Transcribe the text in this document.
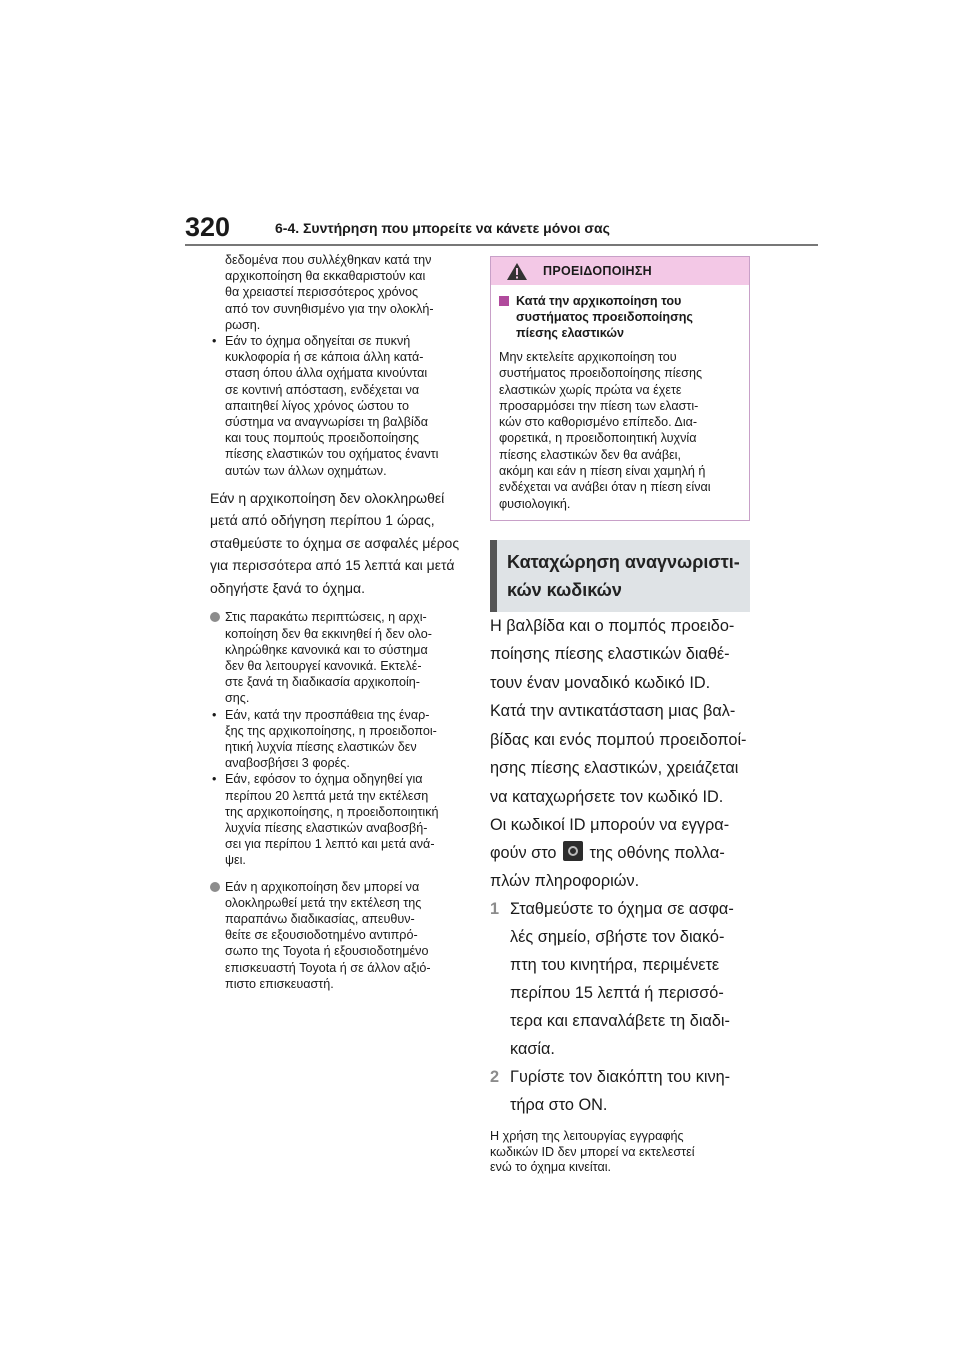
320	6-4. Συντήρηση που μπορείτε να κάνετε μόνοι σας
δεδομένα που συλλέχθηκαν κατά την
αρχικοποίηση θα εκκαθαριστούν και
θα χρειαστεί περισσότερος χρόνος
από τον συνηθισμένο για την ολοκλή-
ρωση.
• Εάν το όχημα οδηγείται σε πυκνή
κυκλοφορία ή σε κάποια άλλη κατά-
σταση όπου άλλα οχήματα κινούνται
σε κοντινή απόσταση, ενδέχεται να
απαιτηθεί λίγος χρόνος ώστου το
σύστημα να αναγνωρίσει τη βαλβίδα
και τους πομπούς προειδοποίησης
πίεσης ελαστικών του οχήματος έναντι
αυτών των άλλων οχημάτων.
Εάν η αρχικοποίηση δεν ολοκληρωθεί
μετά από οδήγηση περίπου 1 ώρας,
σταθμεύστε το όχημα σε ασφαλές μέρος
για περισσότερα από 15 λεπτά και μετά
οδηγήστε ξανά το όχημα.
Στις παρακάτω περιπτώσεις, η αρχι-
κοποίηση δεν θα εκκινηθεί ή δεν ολο-
κληρώθηκε κανονικά και το σύστημα
δεν θα λειτουργεί κανονικά. Εκτελέ-
στε ξανά τη διαδικασία αρχικοποίη-
σης.
• Εάν, κατά την προσπάθεια της έναρ-
ξης της αρχικοποίησης, η προειδοποι-
ητική λυχνία πίεσης ελαστικών δεν
αναβοσβήσει 3 φορές.
• Εάν, εφόσον το όχημα οδηγηθεί για
περίπου 20 λεπτά μετά την εκτέλεση
της αρχικοποίησης, η προειδοποιητική
λυχνία πίεσης ελαστικών αναβοσβή-
σει για περίπου 1 λεπτό και μετά ανά-
ψει.
Εάν η αρχικοποίηση δεν μπορεί να
ολοκληρωθεί μετά την εκτέλεση της
παραπάνω διαδικασίας, απευθυν-
θείτε σε εξουσιοδοτημένο αντιπρό-
σωπο της Toyota ή εξουσιοδοτημένο
επισκευαστή Toyota ή σε άλλον αξιό-
πιστο επισκευαστή.
ΠΡΟΕΙΔΟΠΟΙΗΣΗ
Κατά την αρχικοποίηση του
συστήματος προειδοποίησης
πίεσης ελαστικών
Μην εκτελείτε αρχικοποίηση του
συστήματος προειδοποίησης πίεσης
ελαστικών χωρίς πρώτα να έχετε
προσαρμόσει την πίεση των ελαστι-
κών στο καθορισμένο επίπεδο. Δια-
φορετικά, η προειδοποιητική λυχνία
πίεσης ελαστικών δεν θα ανάβει,
ακόμη και εάν η πίεση είναι χαμηλή ή
ενδέχεται να ανάβει όταν η πίεση είναι
φυσιολογική.
Καταχώρηση αναγνωριστι-
κών κωδικών
Η βαλβίδα και ο πομπός προειδο-
ποίησης πίεσης ελαστικών διαθέ-
τουν έναν μοναδικό κωδικό ID.
Κατά την αντικατάσταση μιας βαλ-
βίδας και ενός πομπού προειδοποί-
ησης πίεσης ελαστικών, χρειάζεται
να καταχωρήσετε τον κωδικό ID.
Οι κωδικοί ID μπορούν να εγγρα-
φούν στο της οθόνης πολλα-
πλών πληροφοριών.
1 Σταθμεύστε το όχημα σε ασφα-
λές σημείο, σβήστε τον διακό-
πτη του κινητήρα, περιμένετε
περίπου 15 λεπτά ή περισσό-
τερα και επαναλάβετε τη διαδι-
κασία.
2 Γυρίστε τον διακόπτη του κινη-
τήρα στο ON.
Η χρήση της λειτουργίας εγγραφής
κωδικών ID δεν μπορεί να εκτελεστεί
ενώ το όχημα κινείται.
